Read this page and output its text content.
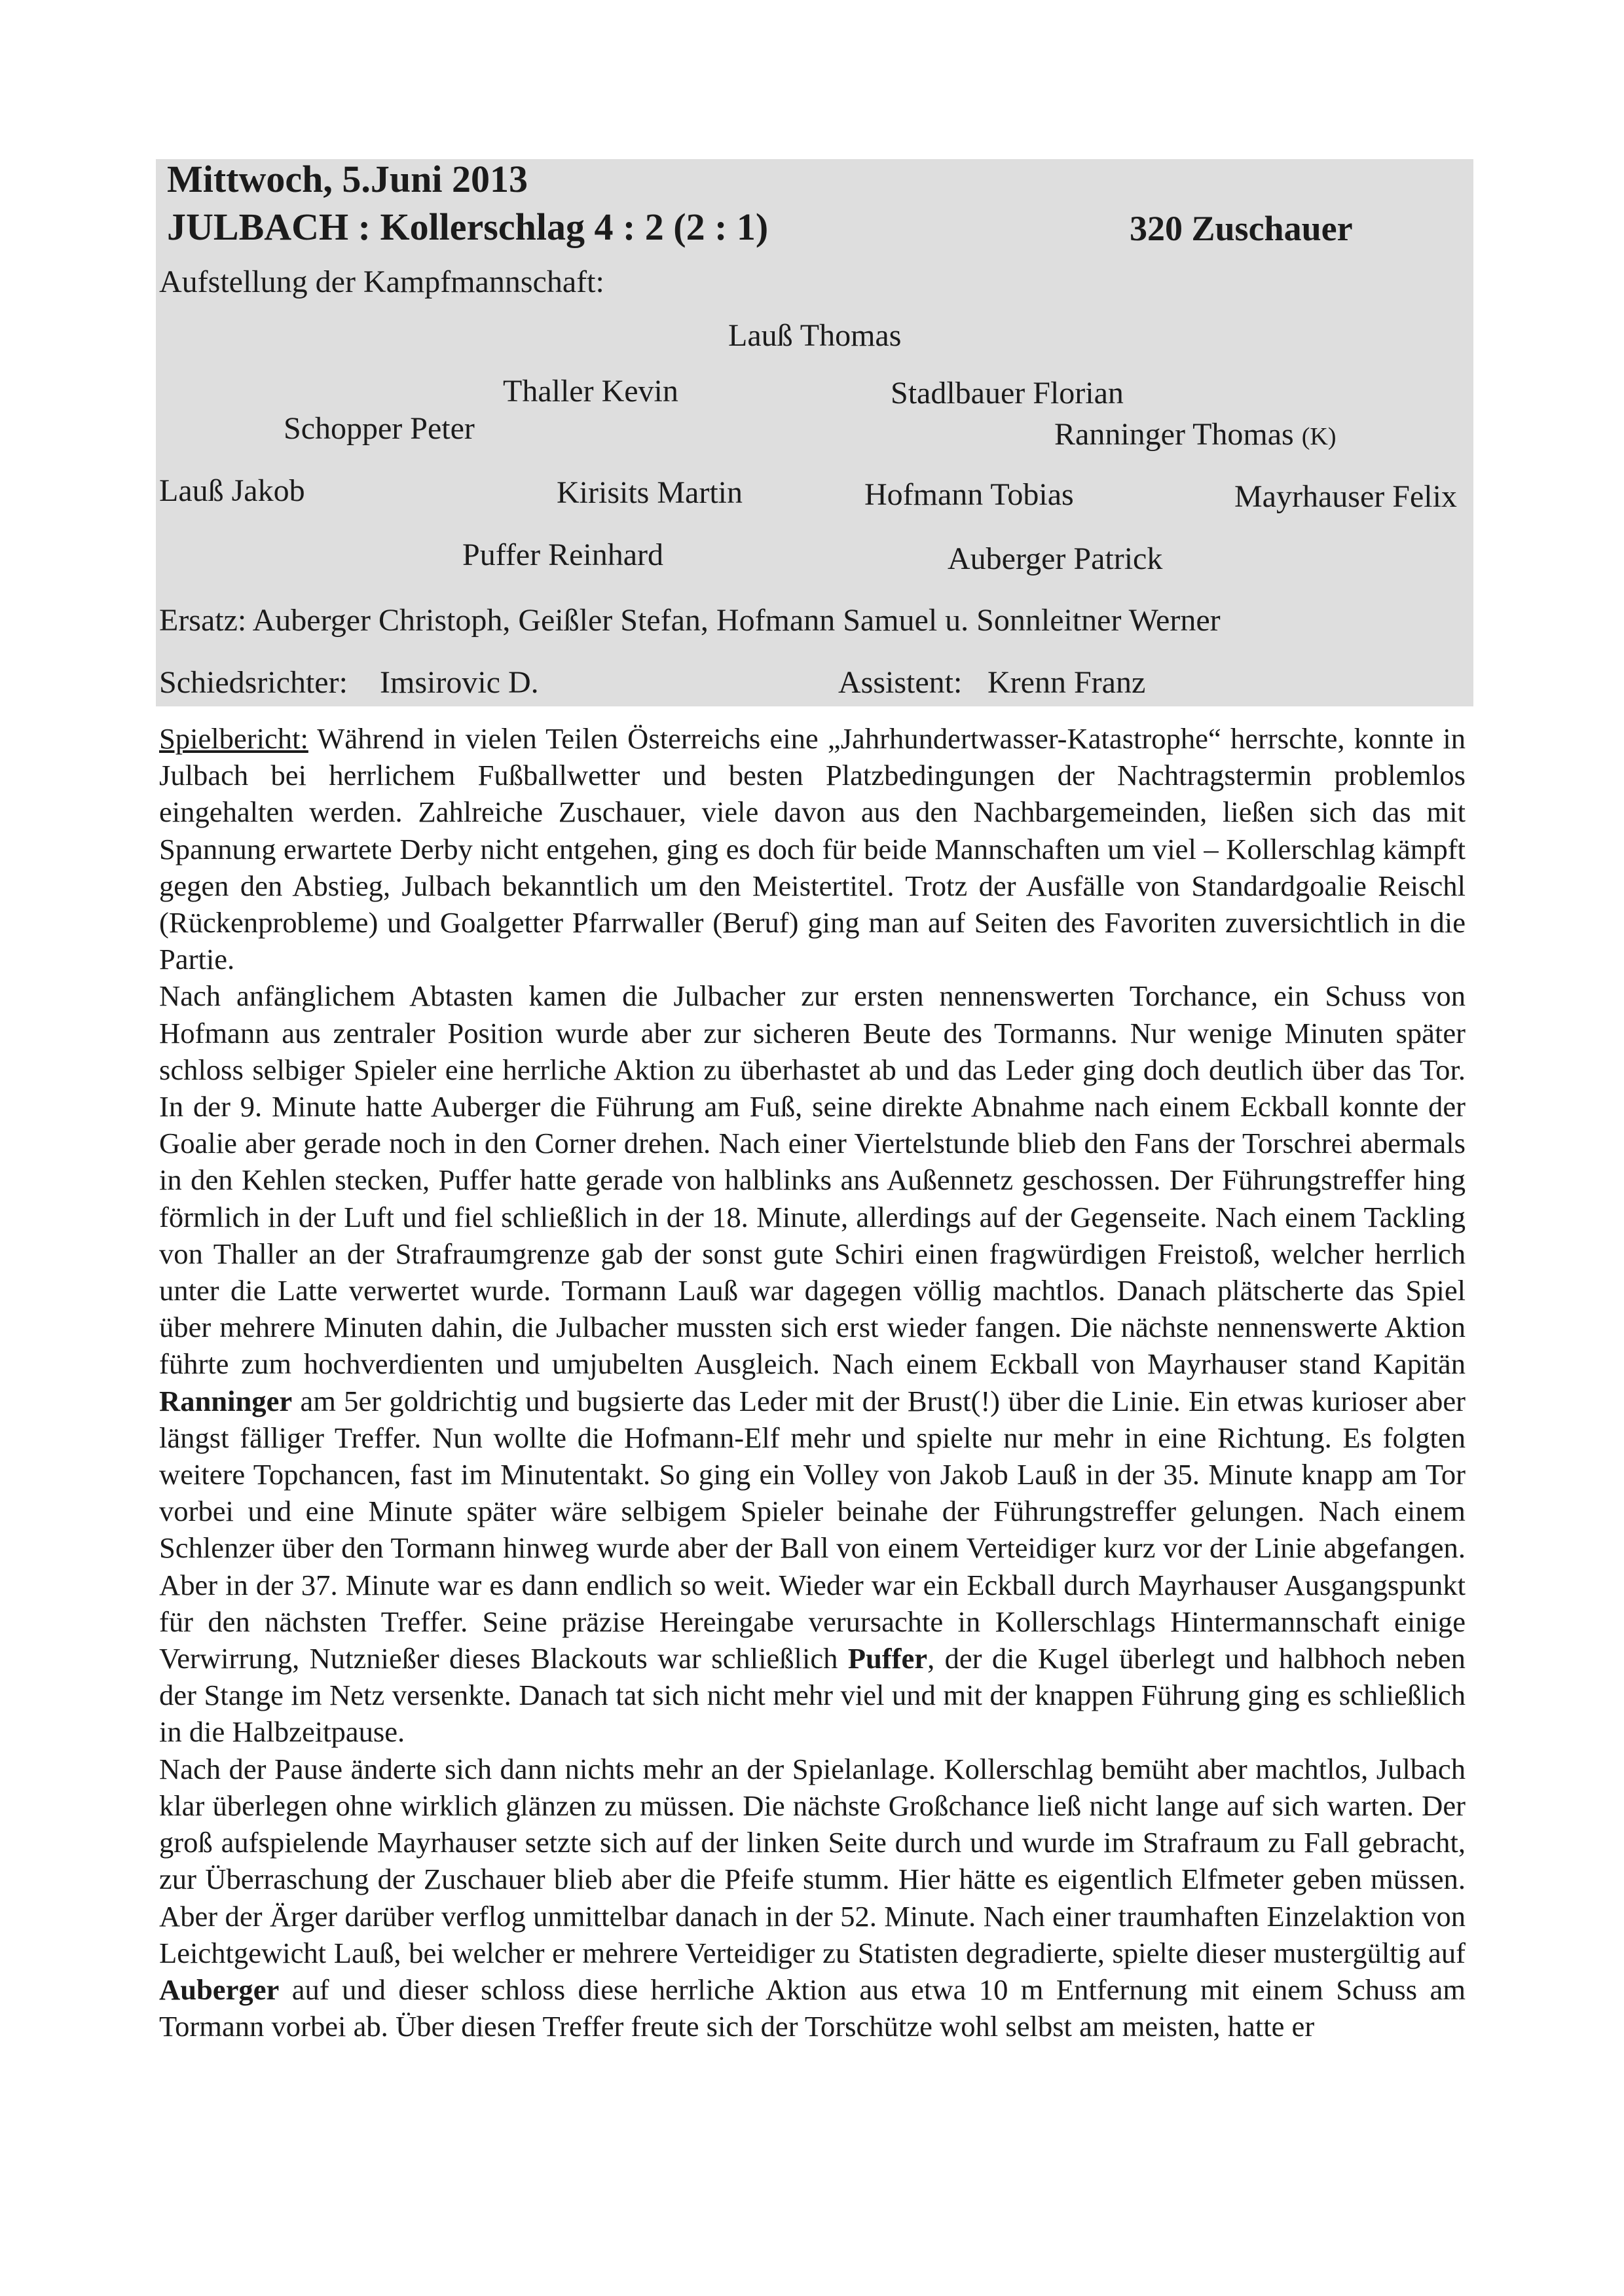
Mittwoch, 5.Juni 2013
JULBACH : Kollerschlag 4 : 2 (2 : 1)	320 Zuschauer
Aufstellung der Kampfmannschaft:
Lauß Thomas
Thaller Kevin	Stadlbauer Florian
Schopper Peter	Ranninger Thomas (K)
Lauß Jakob	Kirisits Martin	Hofmann Tobias	Mayrhauser Felix
Puffer Reinhard	Auberger Patrick
Ersatz: Auberger Christoph, Geißler Stefan, Hofmann Samuel u. Sonnleitner Werner
Schiedsrichter: Imsirovic D.	Assistent: Krenn Franz

Spielbericht: Während in vielen Teilen Österreichs eine „Jahrhundertwasser-Katastrophe“ herrschte, konnte in Julbach bei herrlichem Fußballwetter und besten Platzbedingungen der Nachtragstermin problemlos eingehalten werden. Zahlreiche Zuschauer, viele davon aus den Nachbargemeinden, ließen sich das mit Spannung erwartete Derby nicht entgehen, ging es doch für beide Mannschaften um viel – Kollerschlag kämpft gegen den Abstieg, Julbach bekanntlich um den Meistertitel. Trotz der Ausfälle von Standardgoalie Reischl (Rückenprobleme) und Goalgetter Pfarrwaller (Beruf) ging man auf Seiten des Favoriten zuversichtlich in die Partie.

Nach anfänglichem Abtasten kamen die Julbacher zur ersten nennenswerten Torchance, ein Schuss von Hofmann aus zentraler Position wurde aber zur sicheren Beute des Tormanns. Nur wenige Minuten später schloss selbiger Spieler eine herrliche Aktion zu überhastet ab und das Leder ging doch deutlich über das Tor. In der 9. Minute hatte Auberger die Führung am Fuß, seine direkte Abnahme nach einem Eckball konnte der Goalie aber gerade noch in den Corner drehen. Nach einer Viertelstunde blieb den Fans der Torschrei abermals in den Kehlen stecken, Puffer hatte gerade von halblinks ans Außennetz geschossen. Der Führungstreffer hing förmlich in der Luft und fiel schließlich in der 18. Minute, allerdings auf der Gegenseite. Nach einem Tackling von Thaller an der Strafraumgrenze gab der sonst gute Schiri einen fragwürdigen Freistoß, welcher herrlich unter die Latte verwertet wurde. Tormann Lauß war dagegen völlig machtlos. Danach plätscherte das Spiel über mehrere Minuten dahin, die Julbacher mussten sich erst wieder fangen. Die nächste nennenswerte Aktion führte zum hochverdienten und umjubelten Ausgleich. Nach einem Eckball von Mayrhauser stand Kapitän Ranninger am 5er goldrichtig und bugsierte das Leder mit der Brust(!) über die Linie. Ein etwas kurioser aber längst fälliger Treffer. Nun wollte die Hofmann-Elf mehr und spielte nur mehr in eine Richtung. Es folgten weitere Topchancen, fast im Minutentakt. So ging ein Volley von Jakob Lauß in der 35. Minute knapp am Tor vorbei und eine Minute später wäre selbigem Spieler beinahe der Führungstreffer gelungen. Nach einem Schlenzer über den Tormann hinweg wurde aber der Ball von einem Verteidiger kurz vor der Linie abgefangen. Aber in der 37. Minute war es dann endlich so weit. Wieder war ein Eckball durch Mayrhauser Ausgangspunkt für den nächsten Treffer. Seine präzise Hereingabe verursachte in Kollerschlags Hintermannschaft einige Verwirrung, Nutznießer dieses Blackouts war schließlich Puffer, der die Kugel überlegt und halbhoch neben der Stange im Netz versenkte. Danach tat sich nicht mehr viel und mit der knappen Führung ging es schließlich in die Halbzeitpause.

Nach der Pause änderte sich dann nichts mehr an der Spielanlage. Kollerschlag bemüht aber machtlos, Julbach klar überlegen ohne wirklich glänzen zu müssen. Die nächste Großchance ließ nicht lange auf sich warten. Der groß aufspielende Mayrhauser setzte sich auf der linken Seite durch und wurde im Strafraum zu Fall gebracht, zur Überraschung der Zuschauer blieb aber die Pfeife stumm. Hier hätte es eigentlich Elfmeter geben müssen. Aber der Ärger darüber verflog unmittelbar danach in der 52. Minute. Nach einer traumhaften Einzelaktion von Leichtgewicht Lauß, bei welcher er mehrere Verteidiger zu Statisten degradierte, spielte dieser mustergültig auf Auberger auf und dieser schloss diese herrliche Aktion aus etwa 10 m Entfernung mit einem Schuss am Tormann vorbei ab. Über diesen Treffer freute sich der Torschütze wohl selbst am meisten, hatte er
